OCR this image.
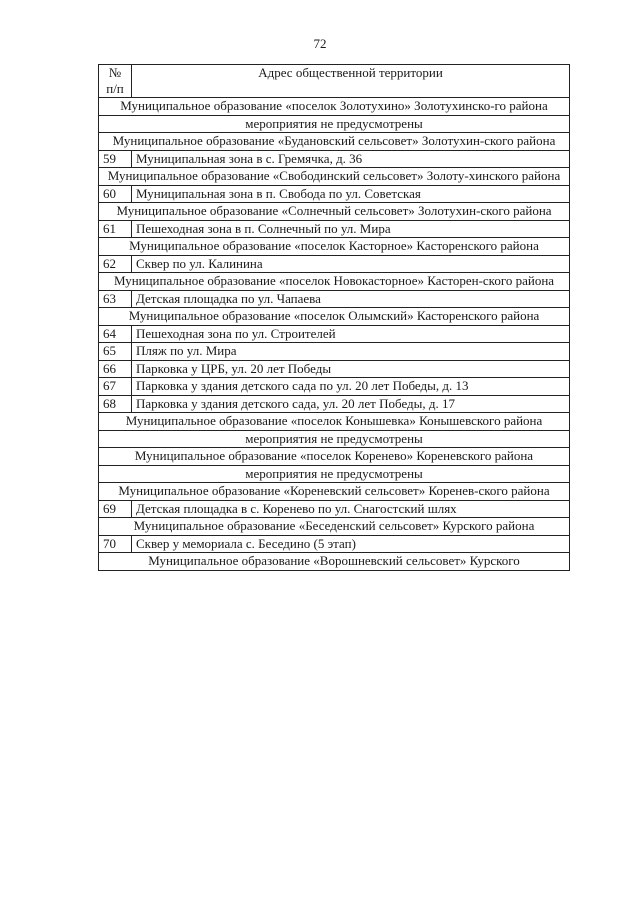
72
№ п/п	Адрес общественной территории
Муниципальное образование «поселок Золотухино» Золотухинско-го района	
мероприятия не предусмотрены	
Муниципальное образование «Будановский сельсовет» Золотухин-ского района	
59	Муниципальная зона в с. Гремячка, д. 36
Муниципальное образование «Свободинский сельсовет» Золоту-хинского района	
60	Муниципальная зона в п. Свобода по ул. Советская
Муниципальное образование «Солнечный сельсовет» Золотухин-ского района	
61	Пешеходная зона в п. Солнечный по ул. Мира
Муниципальное образование «поселок Касторное» Касторенского района	
62	Сквер по ул. Калинина
Муниципальное образование «поселок Новокасторное» Касторен-ского района	
63	Детская площадка по ул. Чапаева
Муниципальное образование «поселок Олымский» Касторенского района	
64	Пешеходная зона по ул. Строителей
65	Пляж по ул. Мира
66	Парковка у ЦРБ, ул. 20 лет Победы
67	Парковка у здания детского сада по ул. 20 лет Победы, д. 13
68	Парковка у здания детского сада, ул. 20 лет Победы, д. 17
Муниципальное образование «поселок Конышевка» Конышевского района	
мероприятия не предусмотрены	
Муниципальное образование «поселок Коренево» Кореневского района	
мероприятия не предусмотрены	
Муниципальное образование «Кореневский сельсовет» Коренев-ского района	
69	Детская площадка в с. Коренево по ул. Снагостский шлях
Муниципальное образование «Беседенский сельсовет» Курского района	
70	Сквер у мемориала с. Беседино (5 этап)
Муниципальное образование «Ворошневский сельсовет» Курского	
